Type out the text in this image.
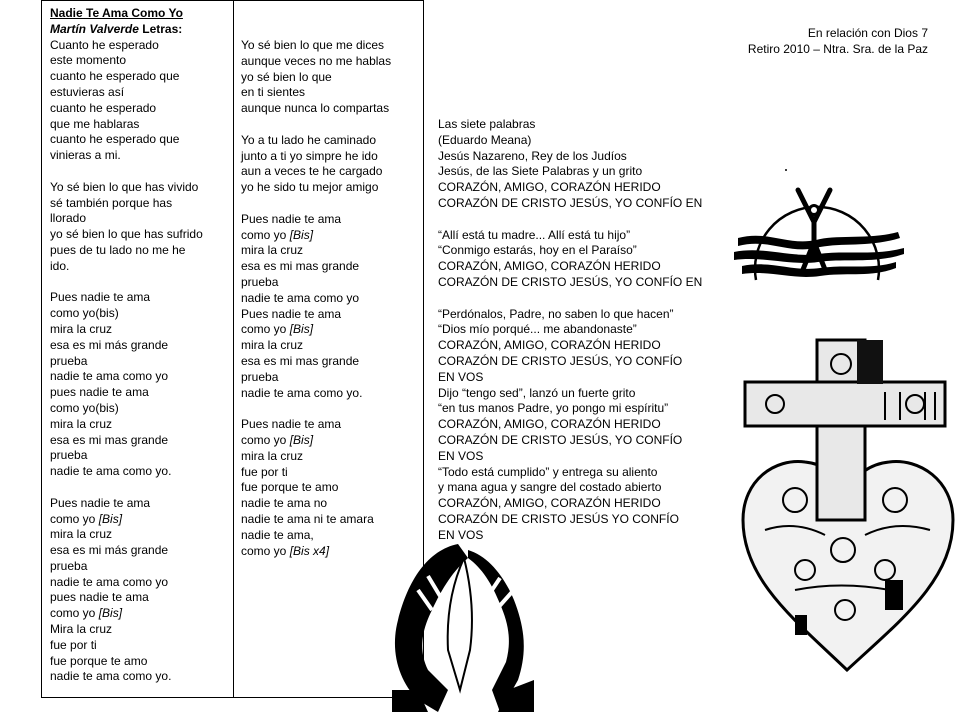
En relación con Dios 7
Retiro 2010 – Ntra. Sra. de la Paz
Nadie Te Ama Como Yo
Martín Valverde Letras:
Cuanto he esperado
este momento
cuanto he esperado que
estuvieras así
cuanto he esperado
que me hablaras
cuanto he esperado que
vinieras a mi.
Yo sé bien lo que has vivido
sé también porque has
llorado
yo sé bien lo que has sufrido
pues de tu lado no me he
ido.
Pues nadie te ama
como yo(bis)
mira la cruz
esa es mi más grande
prueba
nadie te ama como yo
pues nadie te ama
como yo(bis)
mira la cruz
esa es mi mas grande
prueba
nadie te ama como yo.
Pues nadie te ama
como yo [Bis]
mira la cruz
esa es mi más grande
prueba
nadie te ama como yo
pues nadie te ama
como yo [Bis]
Mira la cruz
fue por ti
fue porque te amo
nadie te ama como yo.
Yo sé bien lo que me dices
aunque veces no me hablas
yo sé bien lo que
en ti sientes
aunque nunca lo compartas
Yo a tu lado he caminado
junto a ti yo simpre he ido
aun a veces te he cargado
yo he sido tu mejor amigo
Pues nadie te ama
como yo [Bis]
mira la cruz
esa es mi mas grande
prueba
nadie te ama como yo
Pues nadie te ama
como yo [Bis]
mira la cruz
esa es mi mas grande
prueba
nadie te ama como yo.
Pues nadie te ama
como yo [Bis]
mira la cruz
fue por ti
fue porque te amo
nadie te ama no
nadie te ama ni te amara
nadie te ama,
como yo [Bis x4]
Las siete palabras
(Eduardo Meana)
Jesús Nazareno, Rey de los Judíos
Jesús, de las Siete Palabras y un grito
CORAZÓN, AMIGO, CORAZÓN HERIDO
CORAZÓN DE CRISTO JESÚS, YO CONFÍO EN
“Allí está tu madre... Allí está tu hijo”
“Conmigo estarás, hoy en el Paraíso”
CORAZÓN, AMIGO, CORAZÓN HERIDO
CORAZÓN DE CRISTO JESÚS, YO CONFÍO EN
“Perdónalos, Padre, no saben lo que hacen”
“Dios mío porqué... me abandonaste”
CORAZÓN, AMIGO, CORAZÓN HERIDO
CORAZÓN DE CRISTO JESÚS, YO CONFÍO
EN VOS
Dijo “tengo sed”, lanzó un fuerte grito
“en tus manos Padre, yo pongo mi espíritu”
CORAZÓN, AMIGO, CORAZÓN HERIDO
CORAZÓN DE CRISTO JESÚS, YO CONFÍO
EN VOS
“Todo está cumplido” y entrega su aliento
y mana agua y sangre del costado abierto
CORAZÓN, AMIGO, CORAZÓN HERIDO
CORAZÓN DE CRISTO JESÚS YO CONFÍO
EN VOS
